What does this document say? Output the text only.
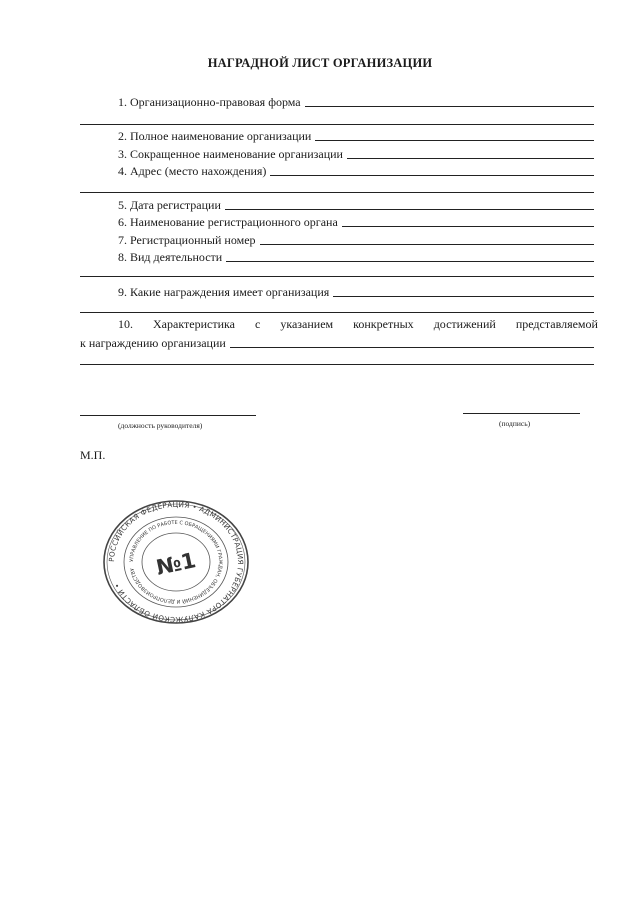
НАГРАДНОЙ ЛИСТ ОРГАНИЗАЦИИ
1. Организационно-правовая форма
2. Полное наименование организации
3. Сокращенное наименование организации
4. Адрес (место нахождения)
5. Дата регистрации
6. Наименование регистрационного органа
7. Регистрационный номер
8. Вид деятельности
9. Какие награждения имеет организация
10. Характеристика с указанием конкретных достижений представляемой
к награждению организации
(должность руководителя)	(подпись)
М.П.
РОССИЙСКАЯ ФЕДЕРАЦИЯ • АДМИНИСТРАЦИЯ ГУБЕРНАТОРА КАЛУЖСКОЙ ОБЛАСТИ •
УПРАВЛЕНИЕ ПО РАБОТЕ С ОБРАЩЕНИЯМИ ГРАЖДАН, ОБЪЕДИНЕНИЙ И ДЕЛОПРОИЗВОДСТВУ №1
